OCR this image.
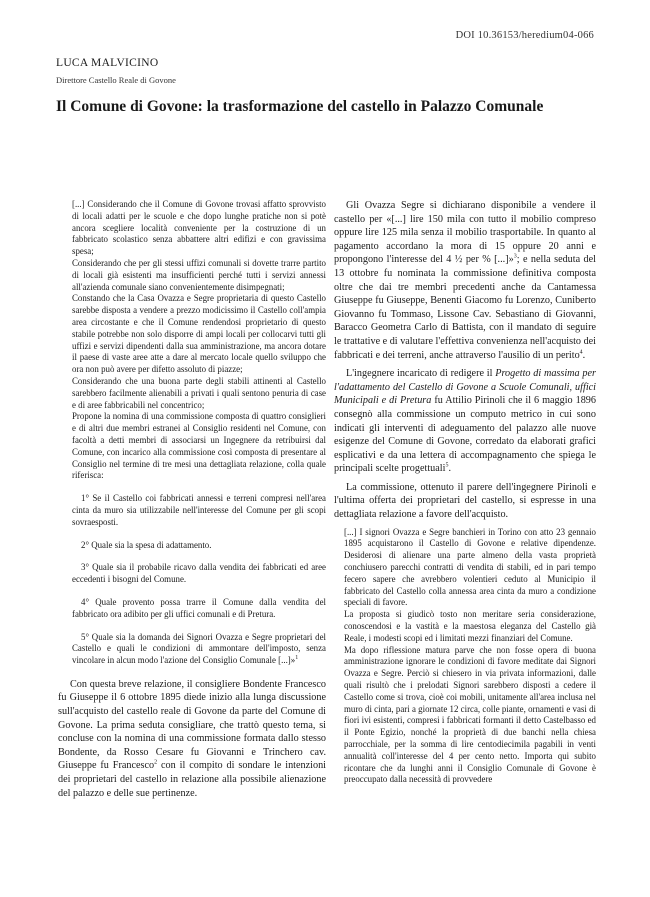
DOI 10.36153/heredium04-066
LUCA MALVICINO
Direttore Castello Reale di Govone
Il Comune di Govone: la trasformazione del castello in Palazzo Comunale

[...] Considerando che il Comune di Govone trovasi affatto sprovvisto di locali adatti per le scuole e che dopo lunghe pratiche non si potè ancora scegliere località conveniente per la costruzione di un fabbricato scolastico senza abbattere altri edifizi e con gravissima spesa;

Considerando che per gli stessi uffizi comunali si dovette trarre partito di locali già esistenti ma insufficienti perché tutti i servizi annessi all'azienda comunale siano convenientemente disimpegnati;

Constando che la Casa Ovazza e Segre proprietaria di questo Castello sarebbe disposta a vendere a prezzo modicissimo il Castello coll'ampia area circostante e che il Comune rendendosi proprietario di questo stabile potrebbe non solo disporre di ampi locali per collocarvi tutti gli uffizi e servizi dipendenti dalla sua amministrazione, ma ancora dotare il paese di vaste aree atte a dare al mercato locale quello sviluppo che ora non può avere per difetto assoluto di piazze;

Considerando che una buona parte degli stabili attinenti al Castello sarebbero facilmente alienabili a privati i quali sentono penuria di case e di aree fabbricabili nel concentrico;

Propone la nomina di una commissione composta di quattro consiglieri e di altri due membri estranei al Consiglio residenti nel Comune, con facoltà a detti membri di associarsi un Ingegnere da retribuirsi dal Comune, con incarico alla commissione così composta di presentare al Consiglio nel termine di tre mesi una dettagliata relazione, colla quale riferisca:

1° Se il Castello coi fabbricati annessi e terreni compresi nell'area cinta da muro sia utilizzabile nell'interesse del Comune per gli scopi sovraesposti.

2° Quale sia la spesa di adattamento.

3° Quale sia il probabile ricavo dalla vendita dei fabbricati ed aree eccedenti i bisogni del Comune.

4° Quale provento possa trarre il Comune dalla vendita del fabbricato ora adibito per gli uffici comunali e di Pretura.

5° Quale sia la domanda dei Signori Ovazza e Segre proprietari del Castello e quali le condizioni di ammontare dell'imposto, senza vincolare in alcun modo l'azione del Consiglio Comunale [...]»$^1$

Con questa breve relazione, il consigliere Bondente Francesco fu Giuseppe il 6 ottobre 1895 diede inizio alla lunga discussione sull'acquisto del castello reale di Govone da parte del Comune di Govone. La prima seduta consigliare, che trattò questo tema, si concluse con la nomina di una commissione formata dallo stesso Bondente, da Rosso Cesare fu Giovanni e Trinchero cav. Giuseppe fu Francesco$^2$ con il compito di sondare le intenzioni dei proprietari del castello in relazione alla possibile alienazione del palazzo e delle sue pertinenze.

Gli Ovazza Segre si dichiarano disponibile a vendere il castello per «[...] lire 150 mila con tutto il mobilio compreso oppure lire 125 mila senza il mobilio trasportabile. In quanto al pagamento accordano la mora di 15 oppure 20 anni e propongono l'interesse del 4 ½ per % [...]»$^3$; e nella seduta del 13 ottobre fu nominata la commissione definitiva composta oltre che dai tre membri precedenti anche da Cantamessa Giuseppe fu Giuseppe, Benenti Giacomo fu Lorenzo, Cuniberto Giovanno fu Tommaso, Lissone Cav. Sebastiano di Giovanni, Baracco Geometra Carlo di Battista, con il mandato di seguire le trattative e di valutare l'effettiva convenienza nell'acquisto dei fabbricati e dei terreni, anche attraverso l'ausilio di un perito$^4$.

L'ingegnere incaricato di redigere il Progetto di massima per l'adattamento del Castello di Govone a Scuole Comunali, uffici Municipali e di Pretura fu Attilio Pirinoli che il 6 maggio 1896 consegnò alla commissione un computo metrico in cui sono indicati gli interventi di adeguamento del palazzo alle nuove esigenze del Comune di Govone, corredato da elaborati grafici esplicativi e da una lettera di accompagnamento che spiega le principali scelte progettuali$^5$.

La commissione, ottenuto il parere dell'ingegnere Pirinoli e l'ultima offerta dei proprietari del castello, si espresse in una dettagliata relazione a favore dell'acquisto.

[...] I signori Ovazza e Segre banchieri in Torino con atto 23 gennaio 1895 acquistarono il Castello di Govone e relative dipendenze. Desiderosi di alienare una parte almeno della vasta proprietà conchiusero parecchi contratti di vendita di stabili, ed in pari tempo fecero sapere che avrebbero volentieri ceduto al Municipio il fabbricato del Castello colla annessa area cinta da muro a condizione speciali di favore.

La proposta si giudicò tosto non meritare seria considerazione, conoscendosi e la vastità e la maestosa eleganza del Castello già Reale, i modesti scopi ed i limitati mezzi finanziari del Comune.

Ma dopo riflessione matura parve che non fosse opera di buona amministrazione ignorare le condizioni di favore meditate dai Signori Ovazza e Segre. Perciò si chiesero in via privata informazioni, dalle quali risultò che i prelodati Signori sarebbero disposti a cedere il Castello come si trova, cioè coi mobili, unitamente all'area inclusa nel muro di cinta, pari a giornate 12 circa, colle piante, ornamenti e vasi di fiori ivi esistenti, compresi i fabbricati formanti il detto Castelbasso ed il Ponte Egizio, nonché la proprietà di due banchi nella chiesa parrocchiale, per la somma di lire centodiecimila pagabili in venti annualità coll'interesse del 4 per cento netto. Importa qui subito ricontare che da lunghi anni il Consiglio Comunale di Govone è preoccupato dalla necessità di provvedere
